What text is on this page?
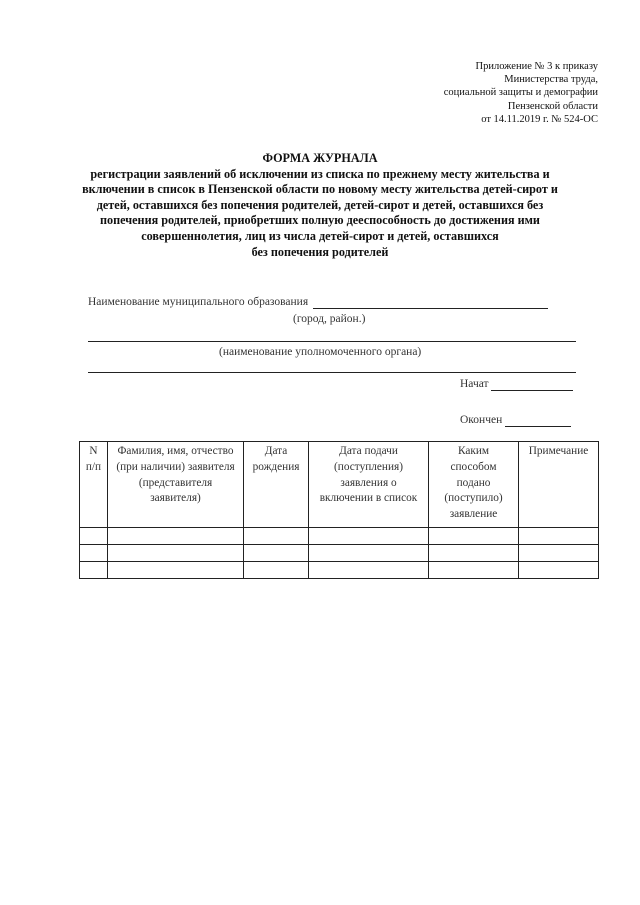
Приложение № 3 к приказу
Министерства труда,
социальной защиты и демографии
Пензенской области
от 14.11.2019 г. № 524-ОС
ФОРМА ЖУРНАЛА
регистрации заявлений об исключении из списка по прежнему месту жительства и
включении в список в Пензенской области по новому месту жительства детей-сирот и
детей, оставшихся без попечения родителей, детей-сирот и детей, оставшихся без
попечения родителей, приобретших полную дееспособность до достижения ими
совершеннолетия, лиц из числа детей-сирот и детей, оставшихся
без попечения родителей
Наименование муниципального образования
(город, район.)
(наименование уполномоченного органа)
Начат
Окончен
N п/п	Фамилия, имя, отчество (при наличии) заявителя (представителя заявителя)	Дата рождения	Дата подачи (поступления) заявления о включении в список	Каким способом подано (поступило) заявление	Примечание
